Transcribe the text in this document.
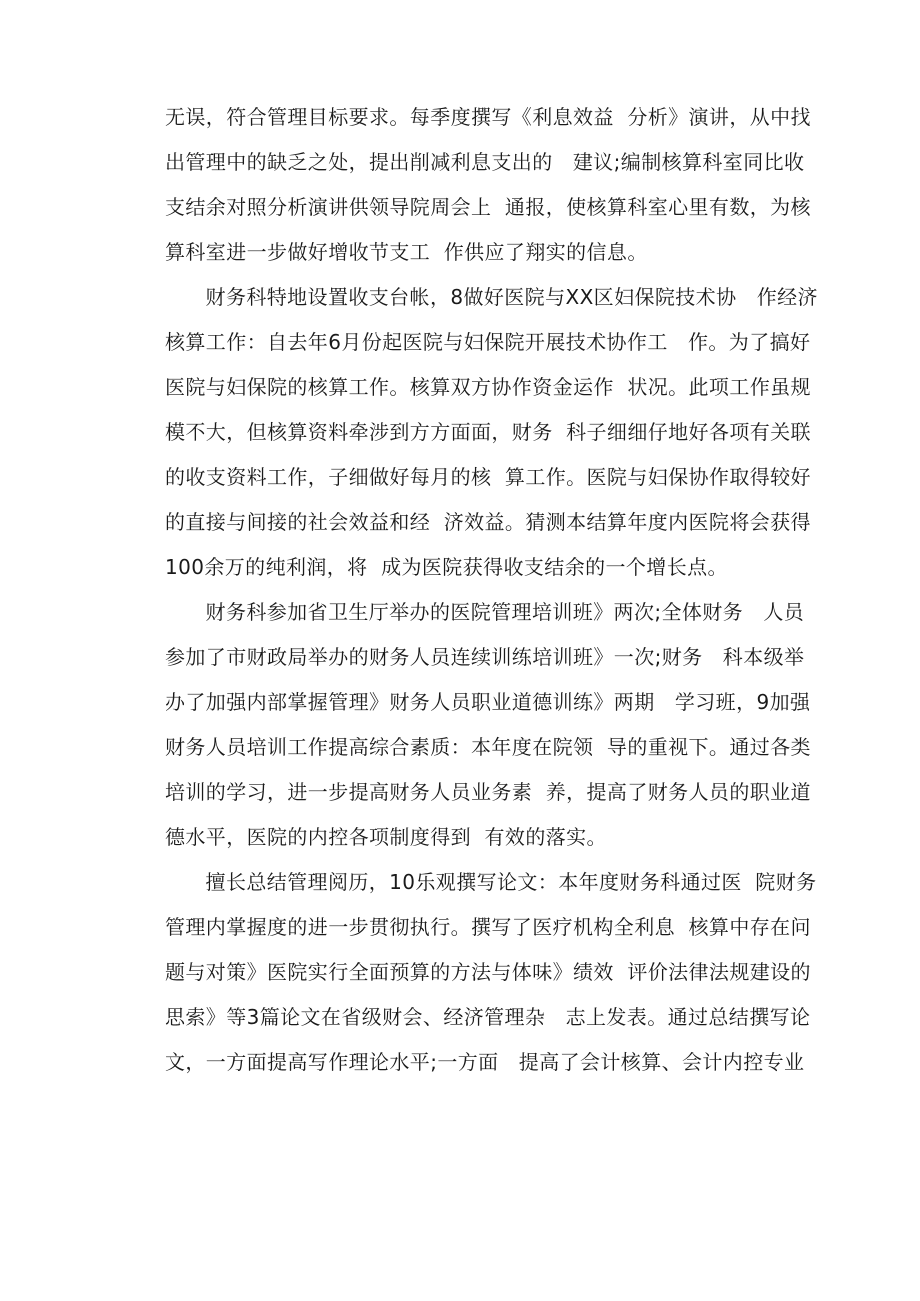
无误，符合管理目标要求。每季度撰写《利息效益  分析》演讲，从中找
出管理中的缺乏之处，提出削减利息支出的   建议;编制核算科室同比收
支结余对照分析演讲供领导院周会上  通报，使核算科室心里有数，为核
算科室进一步做好增收节支工  作供应了翔实的信息。
财务科特地设置收支台帐，8做好医院与XX区妇保院技术协   作经济
核算工作：自去年6月份起医院与妇保院开展技术协作工   作。为了搞好
医院与妇保院的核算工作。核算双方协作资金运作  状况。此项工作虽规
模不大，但核算资料牵涉到方方面面，财务  科子细细仔地好各项有关联
的收支资料工作，子细做好每月的核  算工作。医院与妇保协作取得较好
的直接与间接的社会效益和经  济效益。猜测本结算年度内医院将会获得
100余万的纯利润，将  成为医院获得收支结余的一个增长点。
财务科参加省卫生厅举办的医院管理培训班》两次;全体财务   人员
参加了市财政局举办的财务人员连续训练培训班》一次;财务   科本级举
办了加强内部掌握管理》财务人员职业道德训练》两期   学习班，9加强
财务人员培训工作提高综合素质：本年度在院领  导的重视下。通过各类
培训的学习，进一步提高财务人员业务素  养，提高了财务人员的职业道
德水平，医院的内控各项制度得到  有效的落实。
擅长总结管理阅历，10乐观撰写论文：本年度财务科通过医  院财务
管理内掌握度的进一步贯彻执行。撰写了医疗机构全利息  核算中存在问
题与对策》医院实行全面预算的方法与体味》绩效  评价法律法规建设的
思索》等3篇论文在省级财会、经济管理杂   志上发表。通过总结撰写论
文，一方面提高写作理论水平;一方面   提高了会计核算、会计内控专业
